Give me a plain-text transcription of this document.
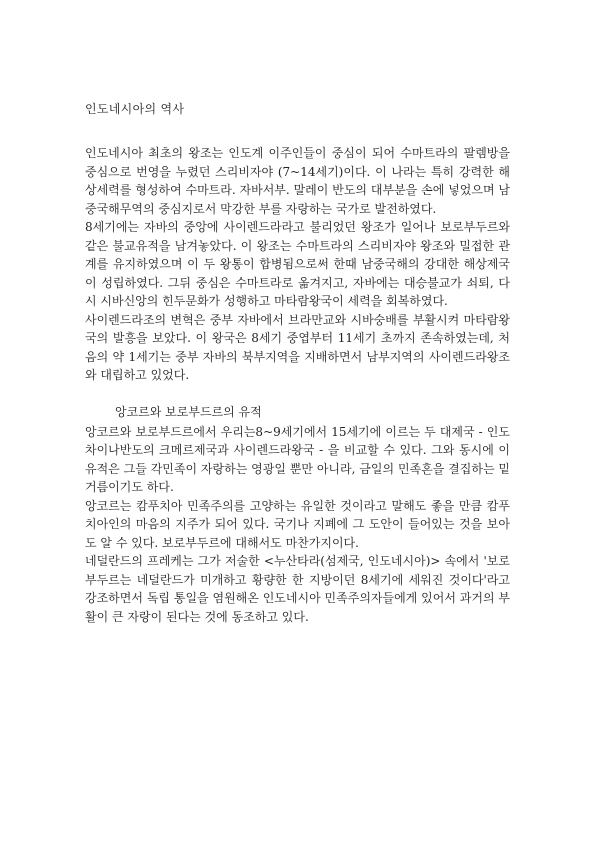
인도네시아의 역사

인도네시아 최초의 왕조는 인도계 이주인들이 중심이 되어 수마트라의 팔렘방을 중심으로 번영을 누렸던 스리비자야 (7~14세기)이다. 이 나라는 특히 강력한 해상세력를 형성하여 수마트라. 자바서부. 말레이 반도의 대부분을 손에 넣었으며 남중국해무역의 중심지로서 막강한 부를 자랑하는 국가로 발전하였다.

8세기에는 자바의 중앙에 사이렌드라라고 불리었던 왕조가 일어나 보로부두르와 같은 불교유적을 남겨놓았다. 이 왕조는 수마트라의 스리비자야 왕조와 밀접한 관계를 유지하였으며 이 두 왕통이 합병됨으로써 한때 남중국해의 강대한 해상제국이 성립하였다. 그뒤 중심은 수마트라로 옮겨지고, 자바에는 대승불교가 쇠퇴, 다시 시바신앙의 힌두문화가 성행하고 마타람왕국이 세력을 회복하였다.

사이렌드라조의 변혁은 중부 자바에서 브라만교와 시바숭배를 부활시켜 마타람왕국의 발흥을 보았다. 이 왕국은 8세기 중엽부터 11세기 초까지 존속하였는데, 처음의 약 1세기는 중부 자바의 북부지역을 지배하면서 남부지역의 사이렌드라왕조와 대립하고 있었다.

앙코르와 보로부드르의 유적

앙코르와 보로부드르에서 우리는8~9세기에서 15세기에 이르는 두 대제국 - 인도차이나반도의 크메르제국과 사이렌드라왕국 - 을 비교할 수 있다. 그와 동시에 이 유적은 그들 각민족이 자랑하는 영광일 뿐만 아니라, 금일의 민족혼을 결집하는 밑거름이기도 하다.

앙코르는 캄푸치아 민족주의를 고양하는 유일한 것이라고 말해도 좋을 만큼 캄푸치아인의 마음의 지주가 되어 있다. 국기나 지폐에 그 도안이 들어있는 것을 보아도 알 수 있다. 보로부두르에 대해서도 마찬가지이다.

네덜란드의 프레케는 그가 저술한 <누산타라(섬제국, 인도네시아)> 속에서 '보로부두르는 네덜란드가 미개하고 황량한 한 지방이던 8세기에 세워진 것이다'라고 강조하면서 독립 통일을 염원해온 인도네시아 민족주의자들에게 있어서 과거의 부활이 큰 자랑이 된다는 것에 동조하고 있다.
